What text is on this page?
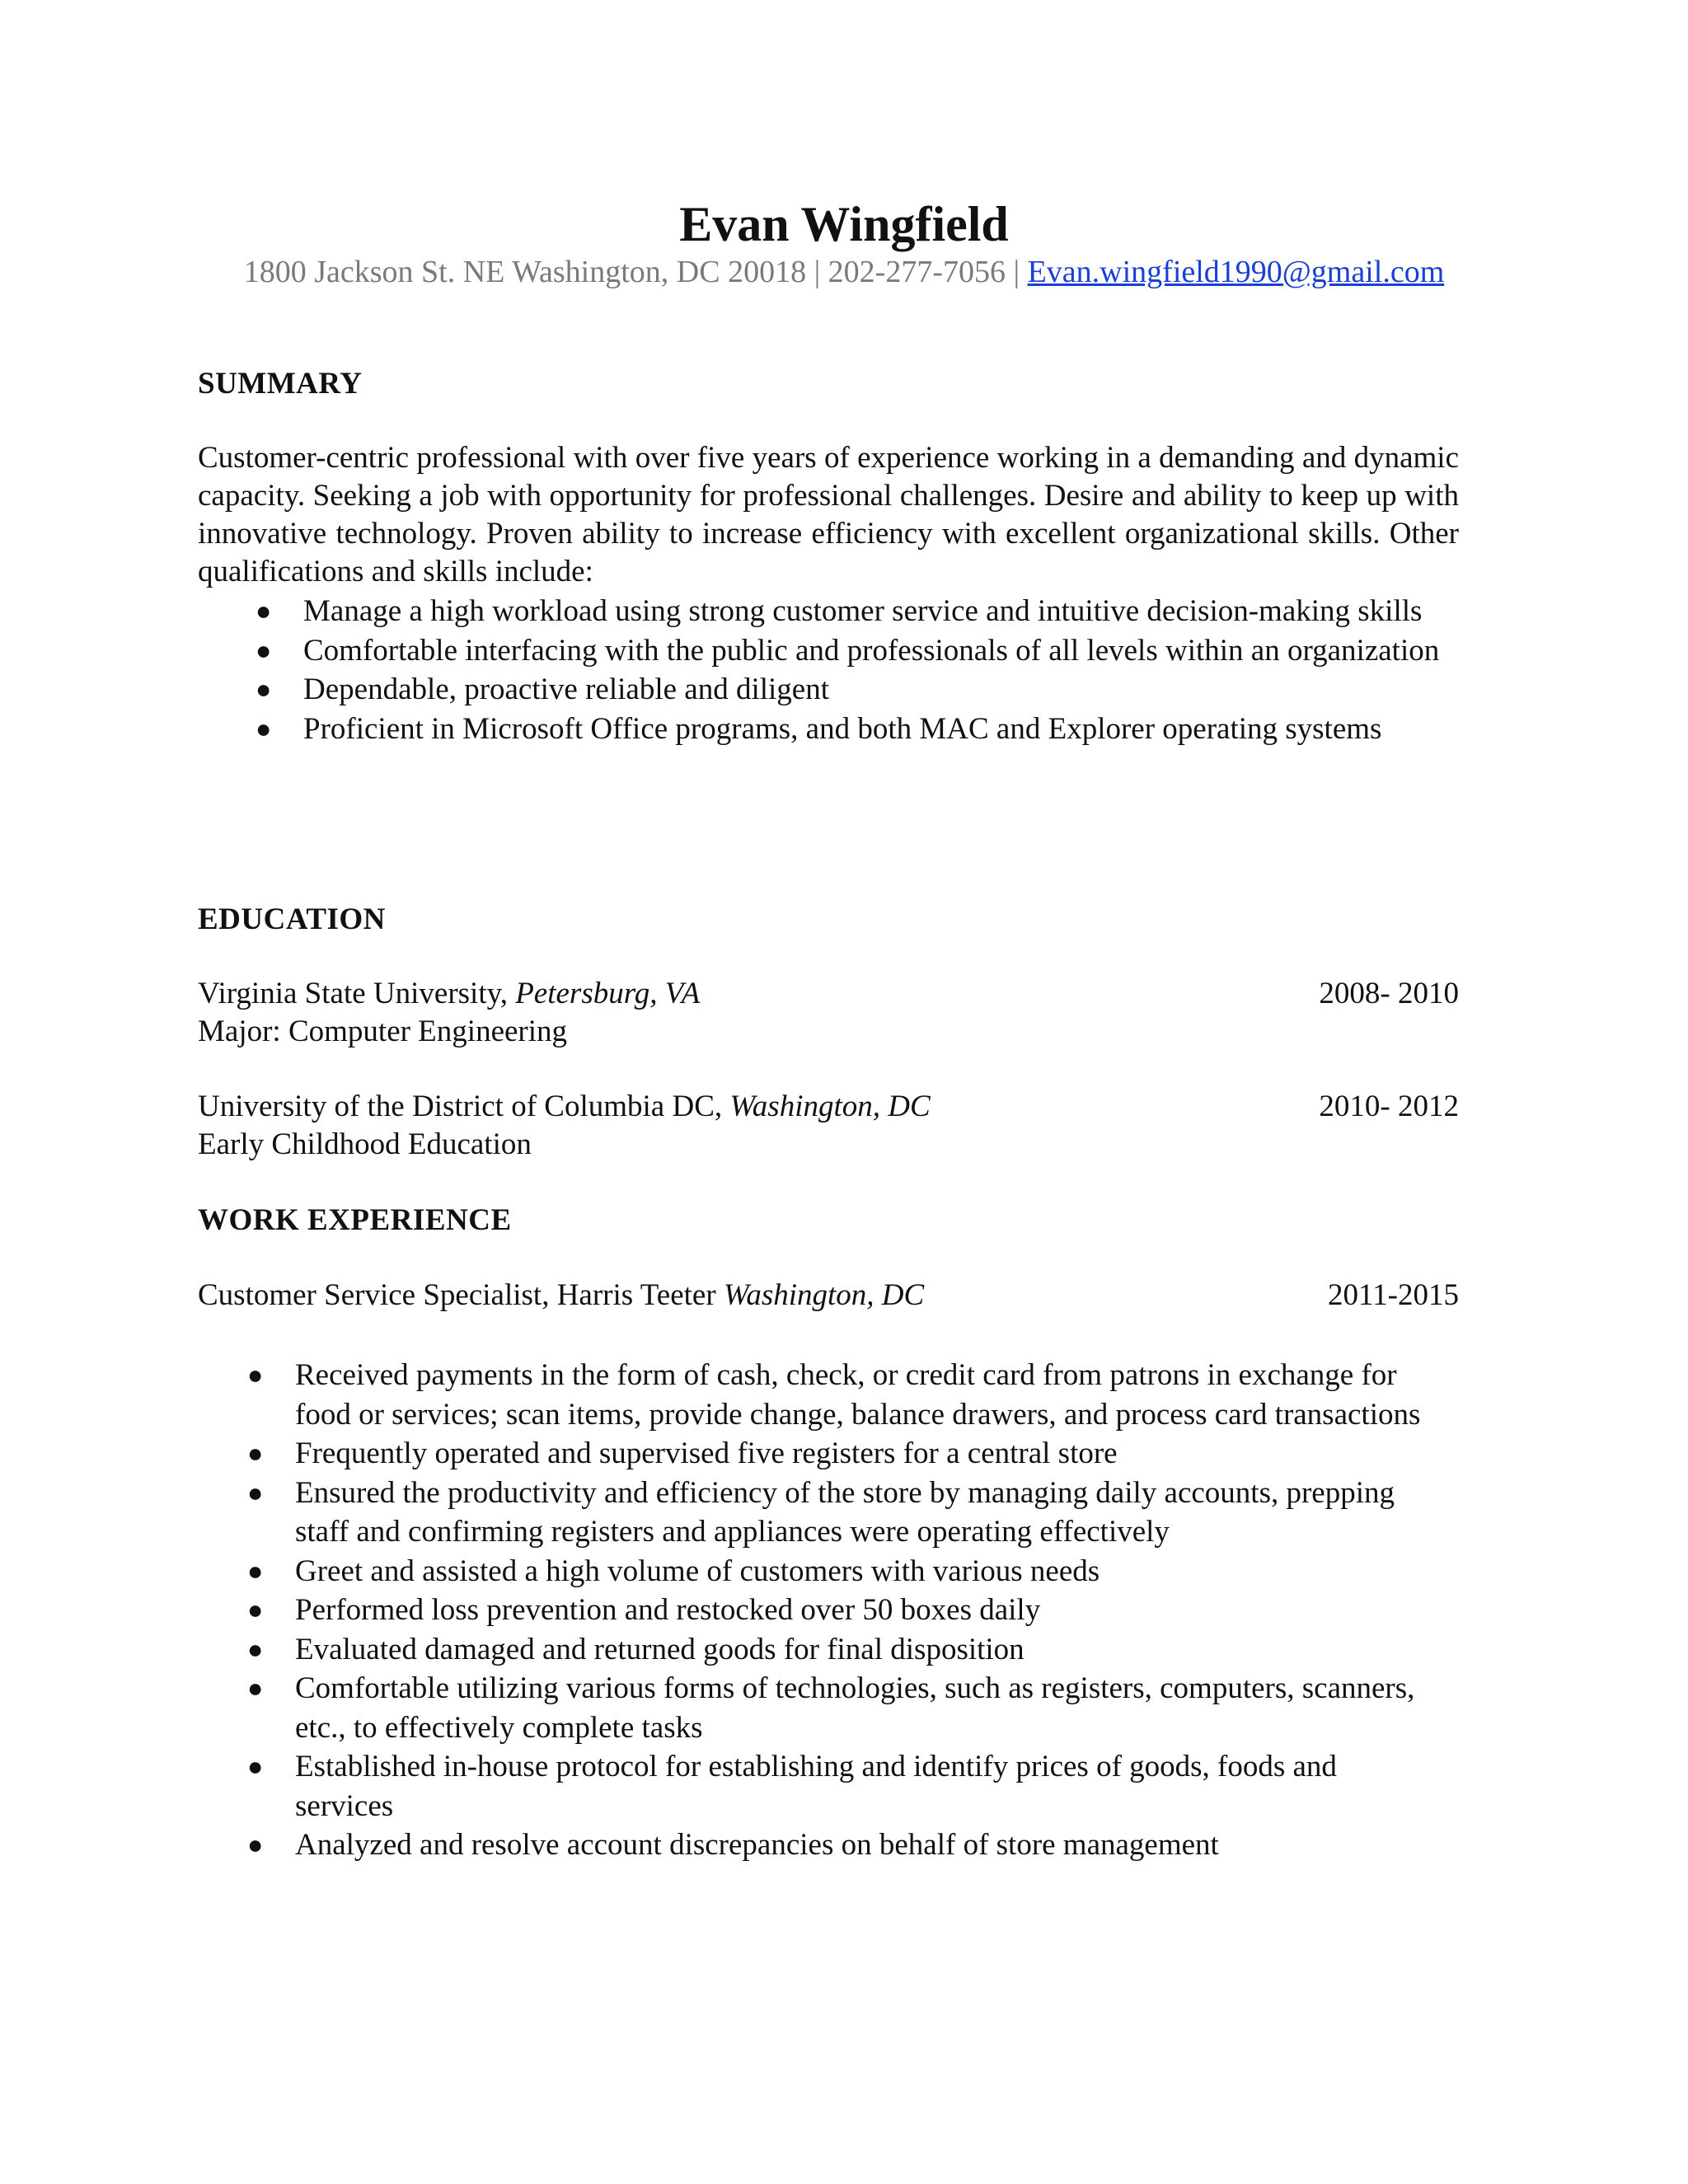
Evan Wingfield
1800 Jackson St. NE Washington, DC 20018 | 202-277-7056 | Evan.wingfield1990@gmail.com
SUMMARY
Customer-centric professional with over five years of experience working in a demanding and dynamic capacity. Seeking a job with opportunity for professional challenges. Desire and ability to keep up with innovative technology. Proven ability to increase efficiency with excellent organizational skills. Other qualifications and skills include:
● Manage a high workload using strong customer service and intuitive decision-making skills
● Comfortable interfacing with the public and professionals of all levels within an organization
● Dependable, proactive reliable and diligent
● Proficient in Microsoft Office programs, and both MAC and Explorer operating systems
EDUCATION
Virginia State University, Petersburg, VA	2008- 2010
Major: Computer Engineering
University of the District of Columbia DC, Washington, DC	2010- 2012
Early Childhood Education
WORK EXPERIENCE
Customer Service Specialist, Harris Teeter Washington, DC	2011-2015
● Received payments in the form of cash, check, or credit card from patrons in exchange for food or services; scan items, provide change, balance drawers, and process card transactions
● Frequently operated and supervised five registers for a central store
● Ensured the productivity and efficiency of the store by managing daily accounts, prepping staff and confirming registers and appliances were operating effectively
● Greet and assisted a high volume of customers with various needs
● Performed loss prevention and restocked over 50 boxes daily
● Evaluated damaged and returned goods for final disposition
● Comfortable utilizing various forms of technologies, such as registers, computers, scanners, etc., to effectively complete tasks
● Established in-house protocol for establishing and identify prices of goods, foods and services
● Analyzed and resolve account discrepancies on behalf of store management
